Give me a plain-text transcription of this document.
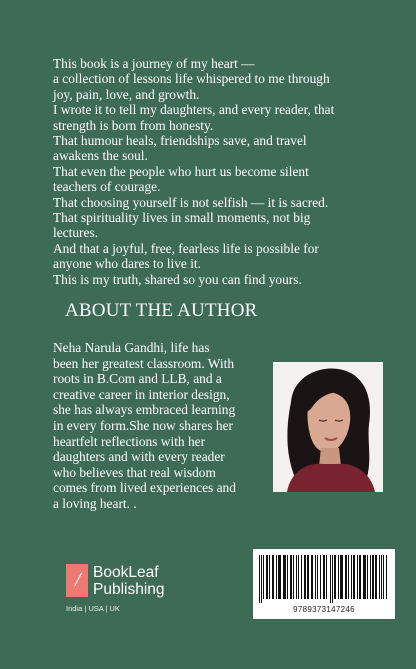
This book is a journey of my heart —

a collection of lessons life whispered to me through

joy, pain, love, and growth.

I wrote it to tell my daughters, and every reader, that

strength is born from honesty.

That humour heals, friendships save, and travel

awakens the soul.

That even the people who hurt us become silent

teachers of courage.

That choosing yourself is not selfish — it is sacred.

That spirituality lives in small moments, not big

lectures.

And that a joyful, free, fearless life is possible for

anyone who dares to live it.

This is my truth, shared so you can find yours.

ABOUT THE AUTHOR
Neha Narula Gandhi, life has
been her greatest classroom. With
roots in B.Com and LLB, and a
creative career in interior design,
she has always embraced learning
in every form.She now shares her
heartfelt reflections with her
daughters and with every reader
who believes that real wisdom
comes from lived experiences and
a loving heart. .
/ BookLeaf
Publishing
India | USA | UK	9789373147246
